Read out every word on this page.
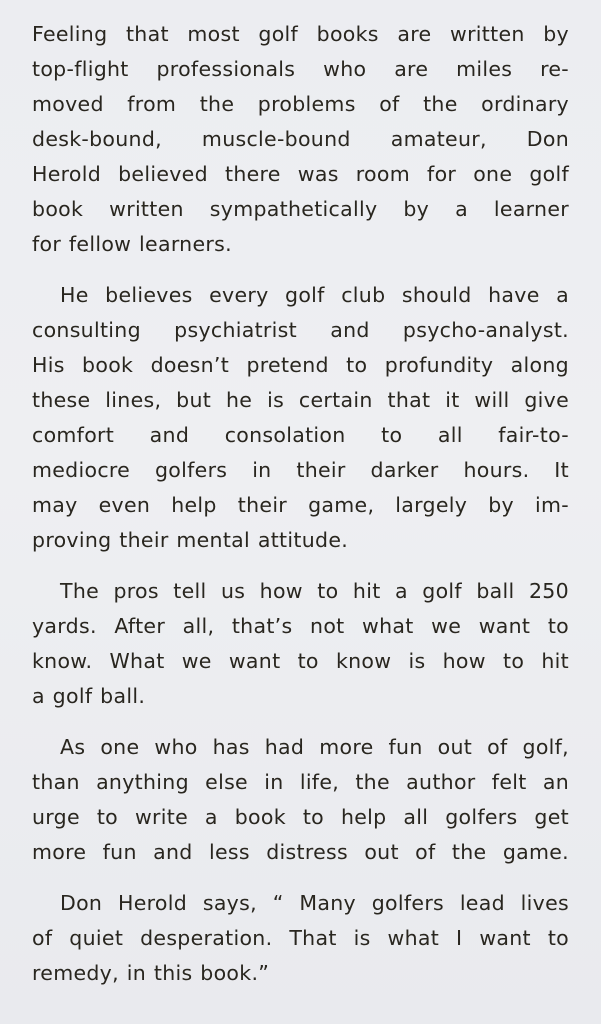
Feeling that most golf books are written by
top-flight professionals who are miles re-
moved from the problems of the ordinary
desk-bound, muscle-bound amateur, Don
Herold believed there was room for one golf
book written sympathetically by a learner
for fellow learners.
He believes every golf club should have a
consulting psychiatrist and psycho-analyst.
His book doesn’t pretend to profundity along
these lines, but he is certain that it will give
comfort and consolation to all fair-to-
mediocre golfers in their darker hours. It
may even help their game, largely by im-
proving their mental attitude.
The pros tell us how to hit a golf ball 250
yards. After all, that’s not what we want to
know. What we want to know is how to hit
a golf ball.
As one who has had more fun out of golf,
than anything else in life, the author felt an
urge to write a book to help all golfers get
more fun and less distress out of the game.
Don Herold says, “ Many golfers lead lives
of quiet desperation. That is what I want to
remedy, in this book.”
